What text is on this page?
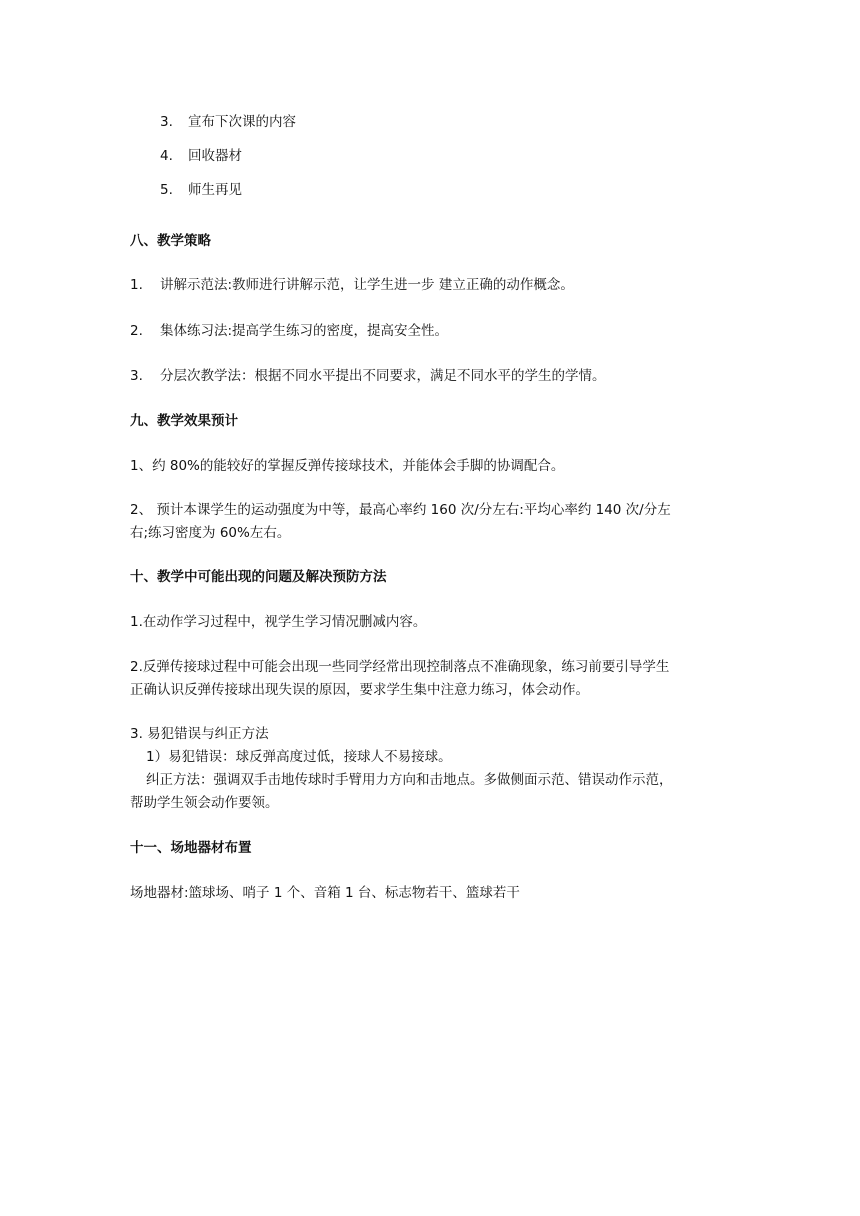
3. 宣布下次课的内容
4. 回收器材
5. 师生再见
八、教学策略
1. 讲解示范法:教师进行讲解示范，让学生进一步 建立正确的动作概念。
2. 集体练习法:提高学生练习的密度，提高安全性。
3. 分层次教学法：根据不同水平提出不同要求，满足不同水平的学生的学情。
九、教学效果预计
1、约 80%的能较好的掌握反弹传接球技术，并能体会手脚的协调配合。
2、 预计本课学生的运动强度为中等，最高心率约 160 次/分左右:平均心率约 140 次/分左
右;练习密度为 60%左右。
十、教学中可能出现的问题及解决预防方法
1.在动作学习过程中，视学生学习情况删减内容。
2.反弹传接球过程中可能会出现一些同学经常出现控制落点不准确现象，练习前要引导学生
正确认识反弹传接球出现失误的原因，要求学生集中注意力练习，体会动作。
3. 易犯错误与纠正方法
1）易犯错误：球反弹高度过低，接球人不易接球。
纠正方法：强调双手击地传球时手臂用力方向和击地点。多做侧面示范、错误动作示范，
帮助学生领会动作要领。
十一、场地器材布置
场地器材:篮球场、哨子 1 个、音箱 1 台、标志物若干、篮球若干
